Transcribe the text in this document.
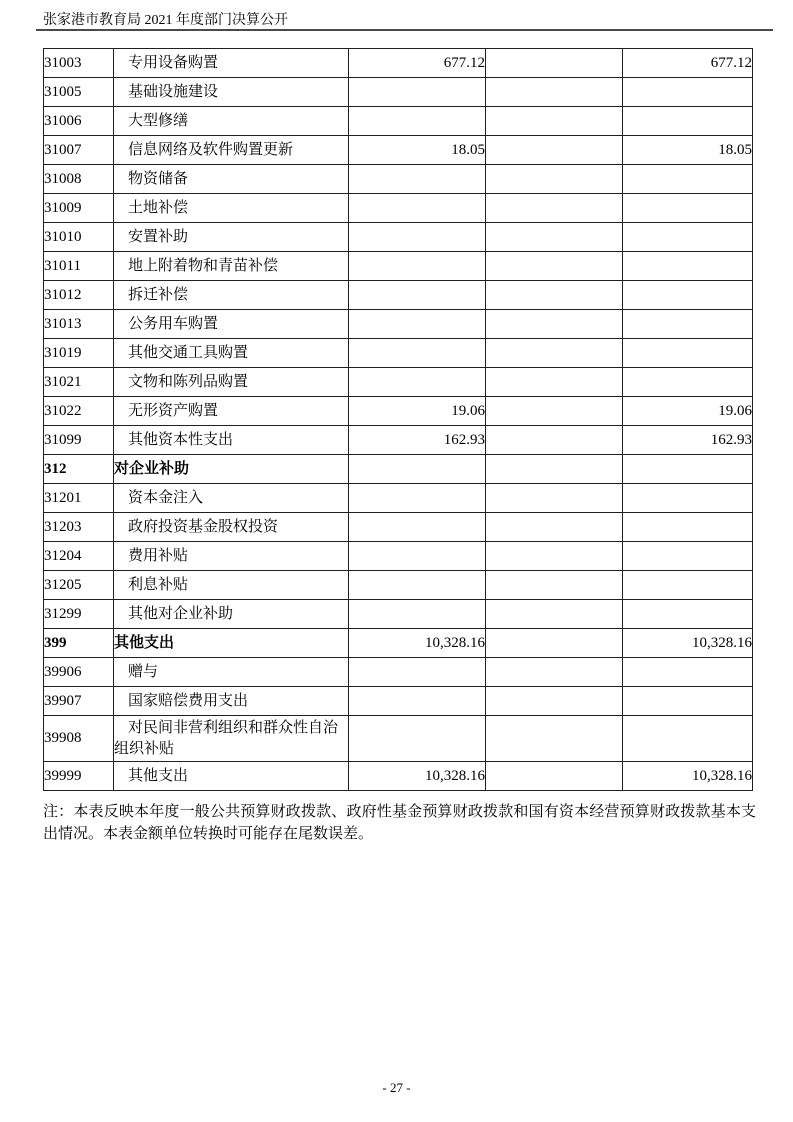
张家港市教育局 2021 年度部门决算公开
31003	专用设备购置	677.12		677.12
31005	基础设施建设			
31006	大型修缮			
31007	信息网络及软件购置更新	18.05		18.05
31008	物资储备			
31009	土地补偿			
31010	安置补助			
31011	地上附着物和青苗补偿			
31012	拆迁补偿			
31013	公务用车购置			
31019	其他交通工具购置			
31021	文物和陈列品购置			
31022	无形资产购置	19.06		19.06
31099	其他资本性支出	162.93		162.93
312	对企业补助			
31201	资本金注入			
31203	政府投资基金股权投资			
31204	费用补贴			
31205	利息补贴			
31299	其他对企业补助			
399	其他支出	10,328.16		10,328.16
39906	赠与			
39907	国家赔偿费用支出			
39908	对民间非营利组织和群众性自治组织补贴			
39999	其他支出	10,328.16		10,328.16
注：本表反映本年度一般公共预算财政拨款、政府性基金预算财政拨款和国有资本经营预算财政拨款基本支出情况。本表金额单位转换时可能存在尾数误差。
- 27 -
